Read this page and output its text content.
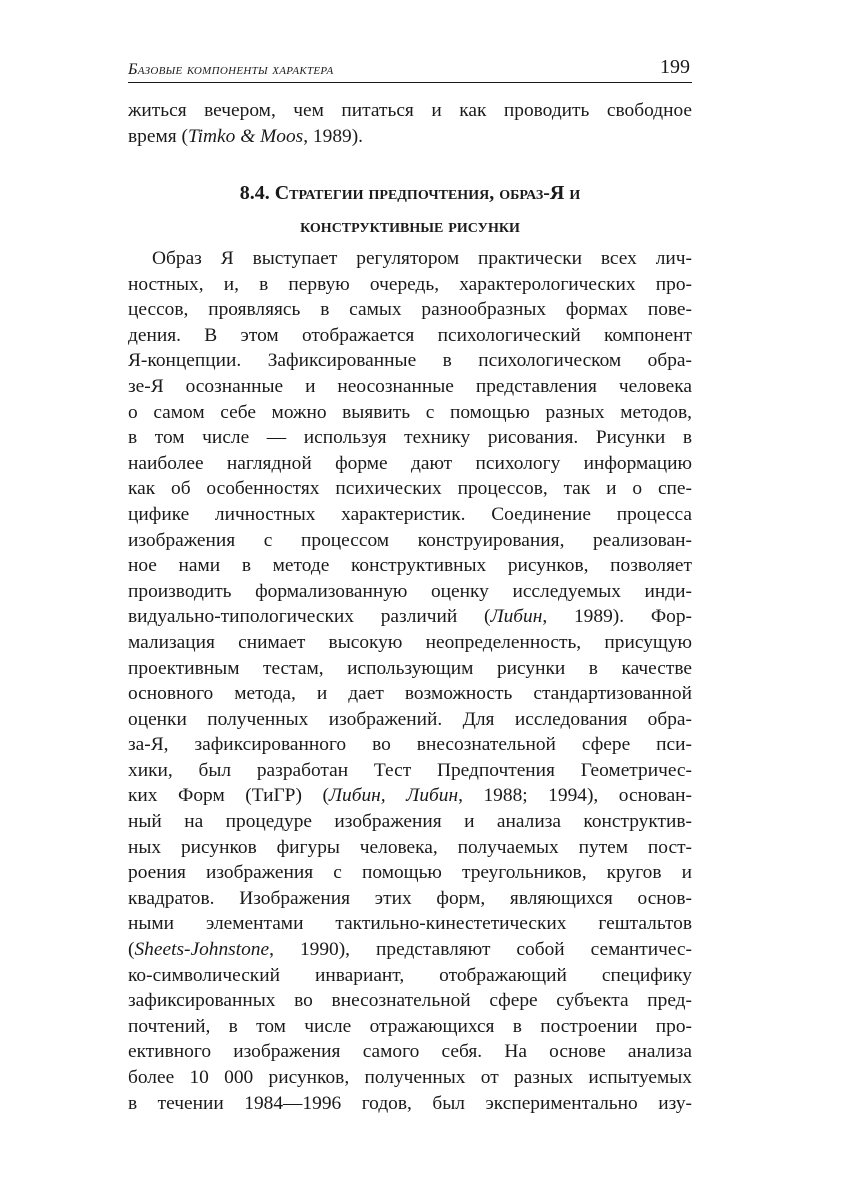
Базовые компоненты характера	199
житься вечером, чем питаться и как проводить свободное
время (Timko & Moos, 1989).
8.4. Стратегии предпочтения, образ-Я и
конструктивные рисунки
Образ Я выступает регулятором практически всех лич-
ностных, и, в первую очередь, характерологических про-
цессов, проявляясь в самых разнообразных формах пове-
дения. В этом отображается психологический компонент
Я-концепции. Зафиксированные в психологическом обра-
зе-Я осознанные и неосознанные представления человека
о самом себе можно выявить с помощью разных методов,
в том числе — используя технику рисования. Рисунки в
наиболее наглядной форме дают психологу информацию
как об особенностях психических процессов, так и о спе-
цифике личностных характеристик. Соединение процесса
изображения с процессом конструирования, реализован-
ное нами в методе конструктивных рисунков, позволяет
производить формализованную оценку исследуемых инди-
видуально-типологических различий (Либин, 1989). Фор-
мализация снимает высокую неопределенность, присущую
проективным тестам, использующим рисунки в качестве
основного метода, и дает возможность стандартизованной
оценки полученных изображений. Для исследования обра-
за-Я, зафиксированного во внесознательной сфере пси-
хики, был разработан Тест Предпочтения Геометричес-
ких Форм (ТиГР) (Либин, Либин, 1988; 1994), основан-
ный на процедуре изображения и анализа конструктив-
ных рисунков фигуры человека, получаемых путем пост-
роения изображения с помощью треугольников, кругов и
квадратов. Изображения этих форм, являющихся основ-
ными элементами тактильно-кинестетических гештальтов
(Sheets-Johnstone, 1990), представляют собой семантичес-
ко-символический инвариант, отображающий специфику
зафиксированных во внесознательной сфере субъекта пред-
почтений, в том числе отражающихся в построении про-
ективного изображения самого себя. На основе анализа
более 10 000 рисунков, полученных от разных испытуемых
в течении 1984—1996 годов, был экспериментально изу-
